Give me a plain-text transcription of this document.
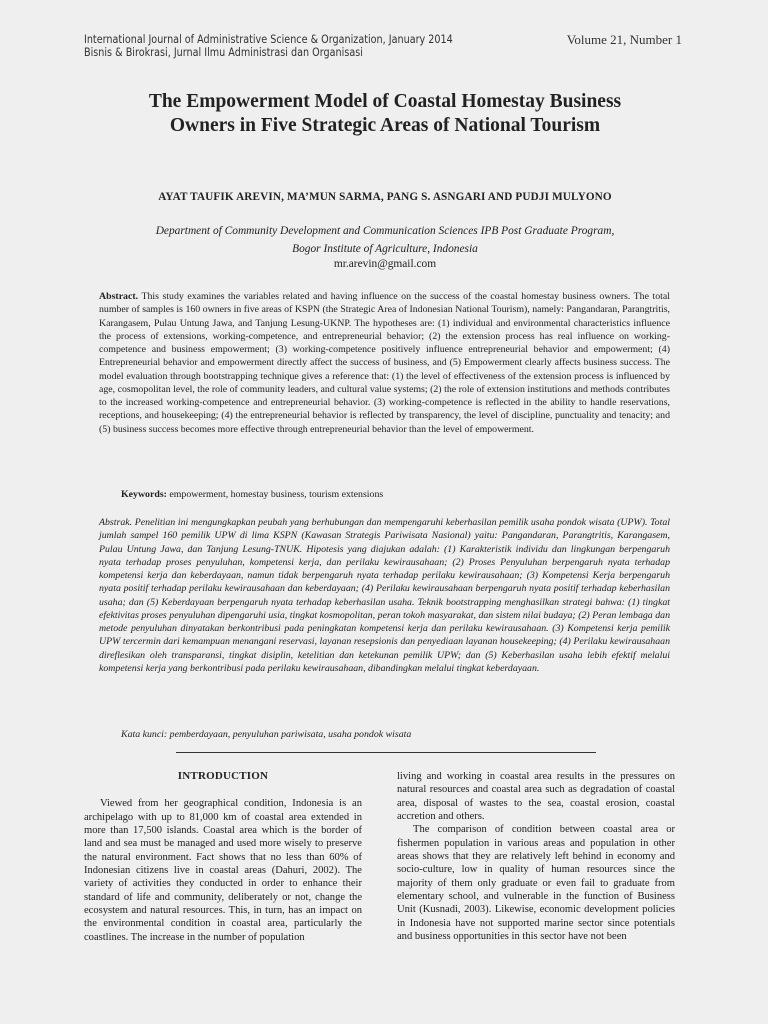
International Journal of Administrative Science & Organization, January 2014
Bisnis & Birokrasi, Jurnal Ilmu Administrasi dan Organisasi
Volume 21, Number 1
The Empowerment Model of Coastal Homestay Business
Owners in Five Strategic Areas of National Tourism
AYAT TAUFIK AREVIN, MA’MUN SARMA, PANG S. ASNGARI AND PUDJI MULYONO
Department of Community Development and Communication Sciences IPB Post Graduate Program,
Bogor Institute of Agriculture, Indonesia
mr.arevin@gmail.com

Abstract. This study examines the variables related and having influence on the success of the coastal homestay business owners. The total number of samples is 160 owners in five areas of KSPN (the Strategic Area of Indonesian National Tourism), namely: Pangandaran, Parangtritis, Karangasem, Pulau Untung Jawa, and Tanjung Lesung-UKNP. The hypotheses are: (1) individual and environmental characteristics influence the process of extensions, working-competence, and entrepreneurial behavior; (2) the extension process has real influence on working-competence and business empowerment; (3) working-competence positively influence entrepreneurial behavior and empowerment; (4) Entrepreneurial behavior and empowerment directly affect the success of business, and (5) Empowerment clearly affects business success. The model evaluation through bootstrapping technique gives a reference that: (1) the level of effectiveness of the extension process is influenced by age, cosmopolitan level, the role of community leaders, and cultural value systems; (2) the role of extension institutions and methods contributes to the increased working-competence and entrepreneurial behavior. (3) working-competence is reflected in the ability to handle reservations, receptions, and housekeeping; (4) the entrepreneurial behavior is reflected by transparency, the level of discipline, punctuality and tenacity; and (5) business success becomes more effective through entrepreneurial behavior than the level of empowerment.

Keywords: empowerment, homestay business, tourism extensions

Abstrak. Penelitian ini mengungkapkan peubah yang berhubungan dan mempengaruhi keberhasilan pemilik usaha pondok wisata (UPW). Total jumlah sampel 160 pemilik UPW di lima KSPN (Kawasan Strategis Pariwisata Nasional) yaitu: Pangandaran, Parangtritis, Karangasem, Pulau Untung Jawa, dan Tanjung Lesung-TNUK. Hipotesis yang diajukan adalah: (1) Karakteristik individu dan lingkungan berpengaruh nyata terhadap proses penyuluhan, kompetensi kerja, dan perilaku kewirausahaan; (2) Proses Penyuluhan berpengaruh nyata terhadap kompetensi kerja dan keberdayaan, namun tidak berpengaruh nyata terhadap perilaku kewirausahaan; (3) Kompetensi Kerja berpengaruh nyata positif terhadap perilaku kewirausahaan dan keberdayaan; (4) Perilaku kewirausahaan berpengaruh nyata positif terhadap keberhasilan usaha; dan (5) Keberdayaan berpengaruh nyata terhadap keberhasilan usaha. Teknik bootstrapping menghasilkan strategi bahwa: (1) tingkat efektivitas proses penyuluhan dipengaruhi usia, tingkat kosmopolitan, peran tokoh masyarakat, dan sistem nilai budaya; (2) Peran lembaga dan metode penyuluhan dinyatakan berkontribusi pada peningkatan kompetensi kerja dan perilaku kewirausahaan. (3) Kompetensi kerja pemilik UPW tercermin dari kemampuan menangani reservasi, layanan resepsionis dan penyediaan layanan housekeeping; (4) Perilaku kewirausahaan direflesikan oleh transparansi, tingkat disiplin, ketelitian dan ketekunan pemilik UPW; dan (5) Keberhasilan usaha lebih efektif melalui kompetensi kerja yang berkontribusi pada perilaku kewirausahaan, dibandingkan melalui tingkat keberdayaan.

Kata kunci: pemberdayaan, penyuluhan pariwisata, usaha pondok wisata

INTRODUCTION

Viewed from her geographical condition, Indonesia is an archipelago with up to 81,000 km of coastal area extended in more than 17,500 islands. Coastal area which is the border of land and sea must be managed and used more wisely to preserve the natural environment. Fact shows that no less than 60% of Indonesian citizens live in coastal areas (Dahuri, 2002). The variety of activities they conducted in order to enhance their standard of life and community, deliberately or not, change the ecosystem and natural resources. This, in turn, has an impact on the environmental condition in coastal area, particularly the coastlines. The increase in the number of population

living and working in coastal area results in the pressures on natural resources and coastal area such as degradation of coastal area, disposal of wastes to the sea, coastal erosion, coastal accretion and others.

The comparison of condition between coastal area or fishermen population in various areas and population in other areas shows that they are relatively left behind in economy and socio-culture, low in quality of human resources since the majority of them only graduate or even fail to graduate from elementary school, and vulnerable in the function of Business Unit (Kusnadi, 2003). Likewise, economic development policies in Indonesia have not supported marine sector since potentials and business opportunities in this sector have not been
